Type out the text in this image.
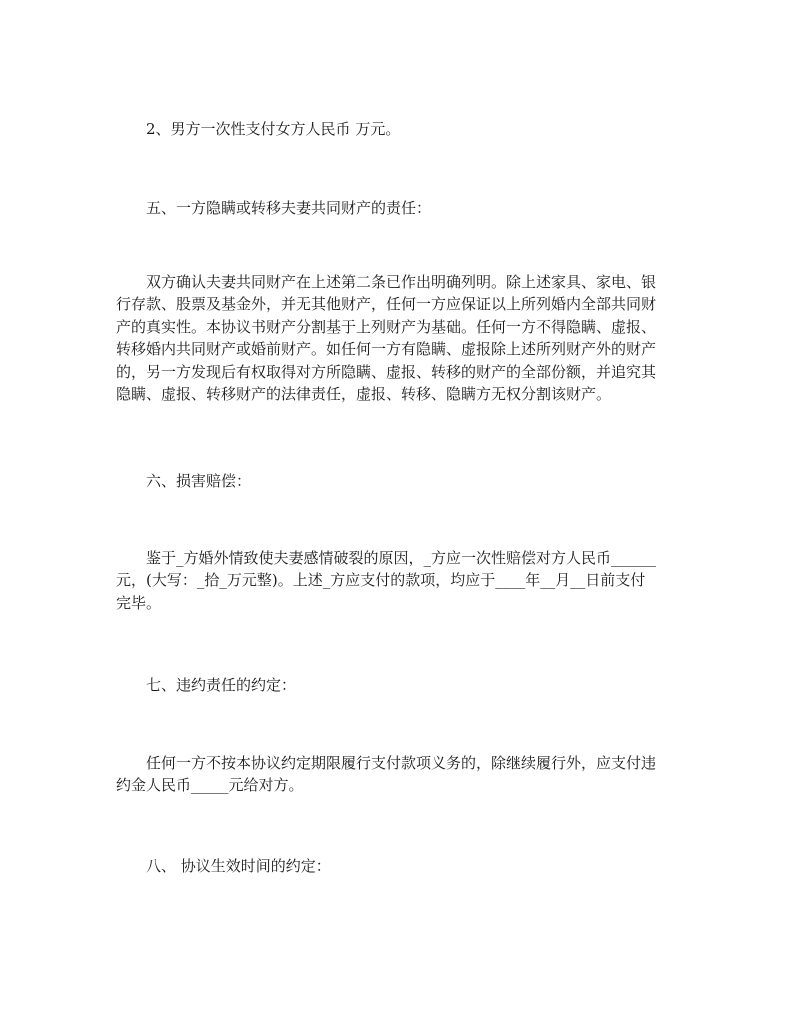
2、男方一次性支付女方人民币 万元。
五、一方隐瞒或转移夫妻共同财产的责任：
双方确认夫妻共同财产在上述第二条已作出明确列明。除上述家具、家电、银
行存款、股票及基金外，并无其他财产，任何一方应保证以上所列婚内全部共同财
产的真实性。本协议书财产分割基于上列财产为基础。任何一方不得隐瞒、虚报、
转移婚内共同财产或婚前财产。如任何一方有隐瞒、虚报除上述所列财产外的财产
的，另一方发现后有权取得对方所隐瞒、虚报、转移的财产的全部份额，并追究其
隐瞒、虚报、转移财产的法律责任，虚报、转移、隐瞒方无权分割该财产。
六、损害赔偿：
鉴于_方婚外情致使夫妻感情破裂的原因，_方应一次性赔偿对方人民币______
元，(大写：_拾_万元整)。上述_方应支付的款项，均应于____年__月__日前支付
完毕。
七、违约责任的约定：
任何一方不按本协议约定期限履行支付款项义务的，除继续履行外，应支付违
约金人民币_____元给对方。
八、 协议生效时间的约定：
